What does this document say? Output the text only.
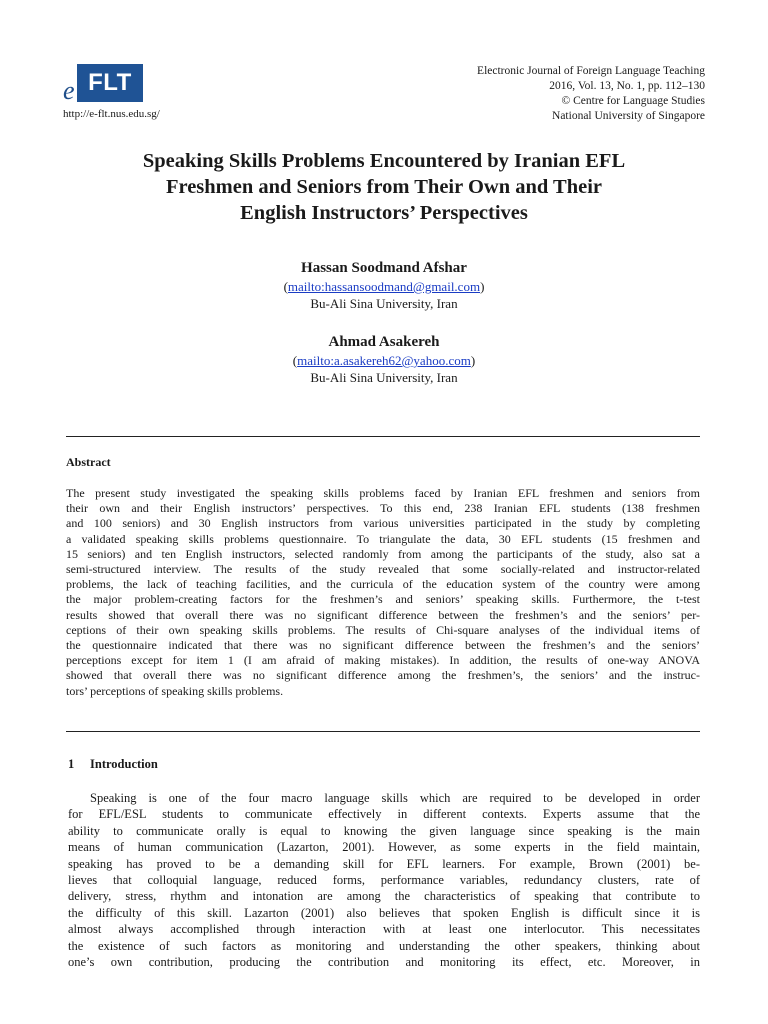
e FLT
http://e-flt.nus.edu.sg/
Electronic Journal of Foreign Language Teaching
2016, Vol. 13, No. 1, pp. 112–130
© Centre for Language Studies
National University of Singapore
Speaking Skills Problems Encountered by Iranian EFL
Freshmen and Seniors from Their Own and Their
English Instructors’ Perspectives
Hassan Soodmand Afshar
(mailto:hassansoodmand@gmail.com)
Bu-Ali Sina University, Iran
Ahmad Asakereh
(mailto:a.asakereh62@yahoo.com)
Bu-Ali Sina University, Iran
Abstract
The present study investigated the speaking skills problems faced by Iranian EFL freshmen and seniors from
their own and their English instructors’ perspectives. To this end, 238 Iranian EFL students (138 freshmen
and 100 seniors) and 30 English instructors from various universities participated in the study by completing
a validated speaking skills problems questionnaire. To triangulate the data, 30 EFL students (15 freshmen and
15 seniors) and ten English instructors, selected randomly from among the participants of the study, also sat a
semi-structured interview. The results of the study revealed that some socially-related and instructor-related
problems, the lack of teaching facilities, and the curricula of the education system of the country were among
the major problem-creating factors for the freshmen’s and seniors’ speaking skills. Furthermore, the t-test
results showed that overall there was no significant difference between the freshmen’s and the seniors’ per-
ceptions of their own speaking skills problems. The results of Chi-square analyses of the individual items of
the questionnaire indicated that there was no significant difference between the freshmen’s and the seniors’
perceptions except for item 1 (I am afraid of making mistakes). In addition, the results of one-way ANOVA
showed that overall there was no significant difference among the freshmen’s, the seniors’ and the instruc-
tors’ perceptions of speaking skills problems.
1 Introduction
Speaking is one of the four macro language skills which are required to be developed in order
for EFL/ESL students to communicate effectively in different contexts. Experts assume that the
ability to communicate orally is equal to knowing the given language since speaking is the main
means of human communication (Lazarton, 2001). However, as some experts in the field maintain,
speaking has proved to be a demanding skill for EFL learners. For example, Brown (2001) be-
lieves that colloquial language, reduced forms, performance variables, redundancy clusters, rate of
delivery, stress, rhythm and intonation are among the characteristics of speaking that contribute to
the difficulty of this skill. Lazarton (2001) also believes that spoken English is difficult since it is
almost always accomplished through interaction with at least one interlocutor. This necessitates
the existence of such factors as monitoring and understanding the other speakers, thinking about
one’s own contribution, producing the contribution and monitoring its effect, etc. Moreover, in
